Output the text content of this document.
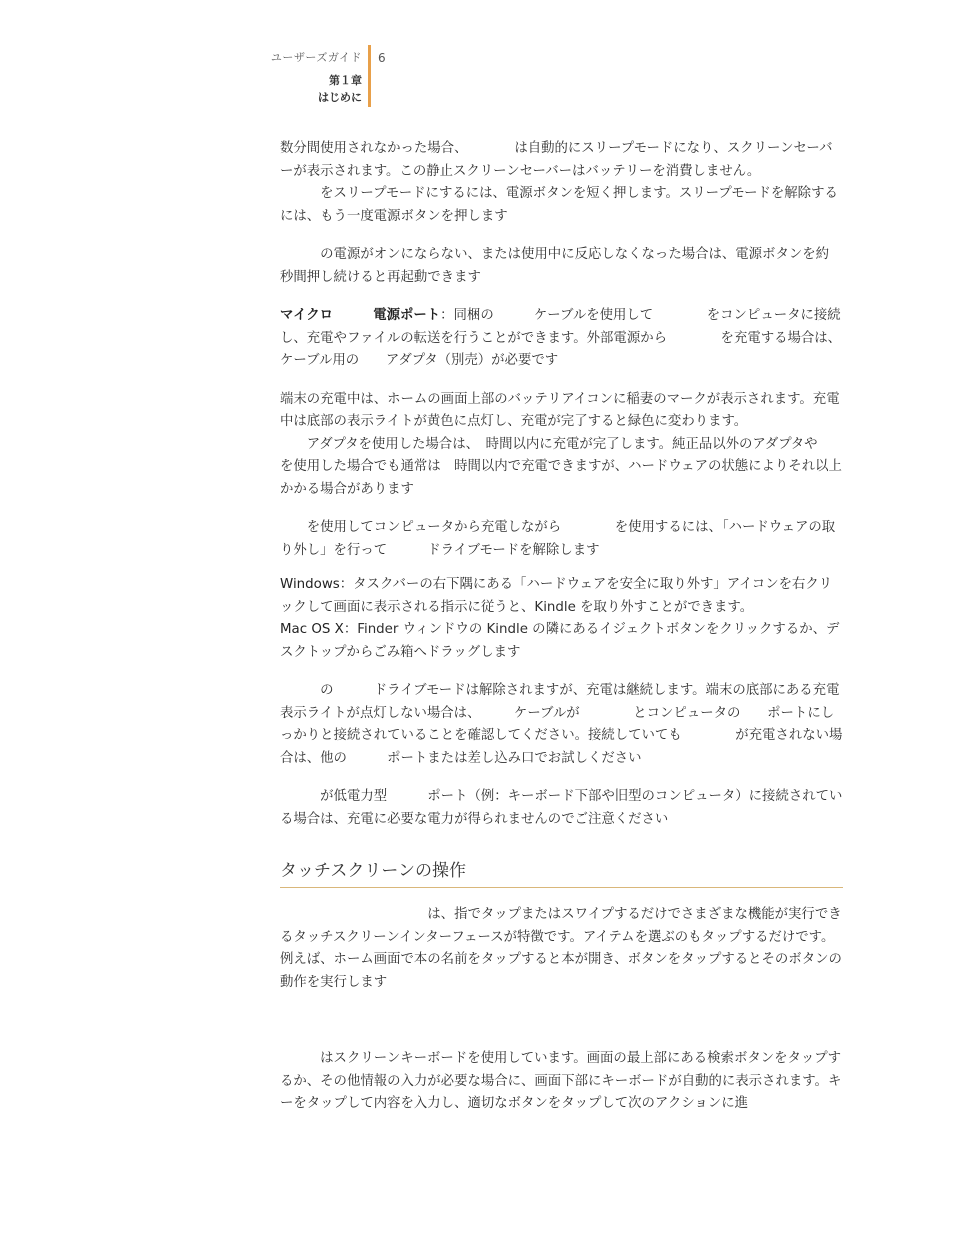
ユーザーズガイド
第１章
はじめに
6

数分間使用されなかった場合、　　　　は自動的にスリープモードになり、スクリーンセーバーが表示されます。この静止スクリーンセーバーはバッテリーを消費しません。
　　　をスリープモードにするには、電源ボタンを短く押します。スリープモードを解除するには、もう一度電源ボタンを押します

　　　の電源がオンにならない、または使用中に反応しなくなった場合は、電源ボタンを約　　秒間押し続けると再起動できます

マイクロ　　　電源ポート：同梱の　　　ケーブルを使用して　　　　をコンピュータに接続し、充電やファイルの転送を行うことができます。外部電源から　　　　を充電する場合は、　　　ケーブル用の　　アダプタ（別売）が必要です

端末の充電中は、ホームの画面上部のバッテリアイコンに稲妻のマークが表示されます。充電中は底部の表示ライトが黄色に点灯し、充電が完了すると緑色に変わります。
　　アダプタを使用した場合は、　時間以内に充電が完了します。純正品以外のアダプタや　　　を使用した場合でも通常は　時間以内で充電できますが、ハードウェアの状態によりそれ以上かかる場合があります

　　を使用してコンピュータから充電しながら　　　　を使用するには、「ハードウェアの取り外し」を行って　　　ドライブモードを解除します

Windows：タスクバーの右下隅にある「ハードウェアを安全に取り外す」アイコンを右クリックして画面に表示される指示に従うと、Kindle を取り外すことができます。
Mac OS X：Finder ウィンドウの Kindle の隣にあるイジェクトボタンをクリックするか、デスクトップからごみ箱へドラッグします

　　　の　　　ドライブモードは解除されますが、充電は継続します。端末の底部にある充電表示ライトが点灯しない場合は、　　　ケーブルが　　　　とコンピュータの　　ポートにしっかりと接続されていることを確認してください。接続していても　　　　が充電されない場合は、他の　　　ポートまたは差し込み口でお試しください

　　　が低電力型　　　ポート（例：キーボード下部や旧型のコンピュータ）に接続されている場合は、充電に必要な電力が得られませんのでご注意ください

タッチスクリーンの操作

　　　　　　　　　　　は、指でタップまたはスワイプするだけでさまざまな機能が実行できるタッチスクリーンインターフェースが特徴です。アイテムを選ぶのもタップするだけです。例えば、ホーム画面で本の名前をタップすると本が開き、ボタンをタップするとそのボタンの動作を実行します

　　　はスクリーンキーボードを使用しています。画面の最上部にある検索ボタンをタップするか、その他情報の入力が必要な場合に、画面下部にキーボードが自動的に表示されます。キーをタップして内容を入力し、適切なボタンをタップして次のアクションに進
